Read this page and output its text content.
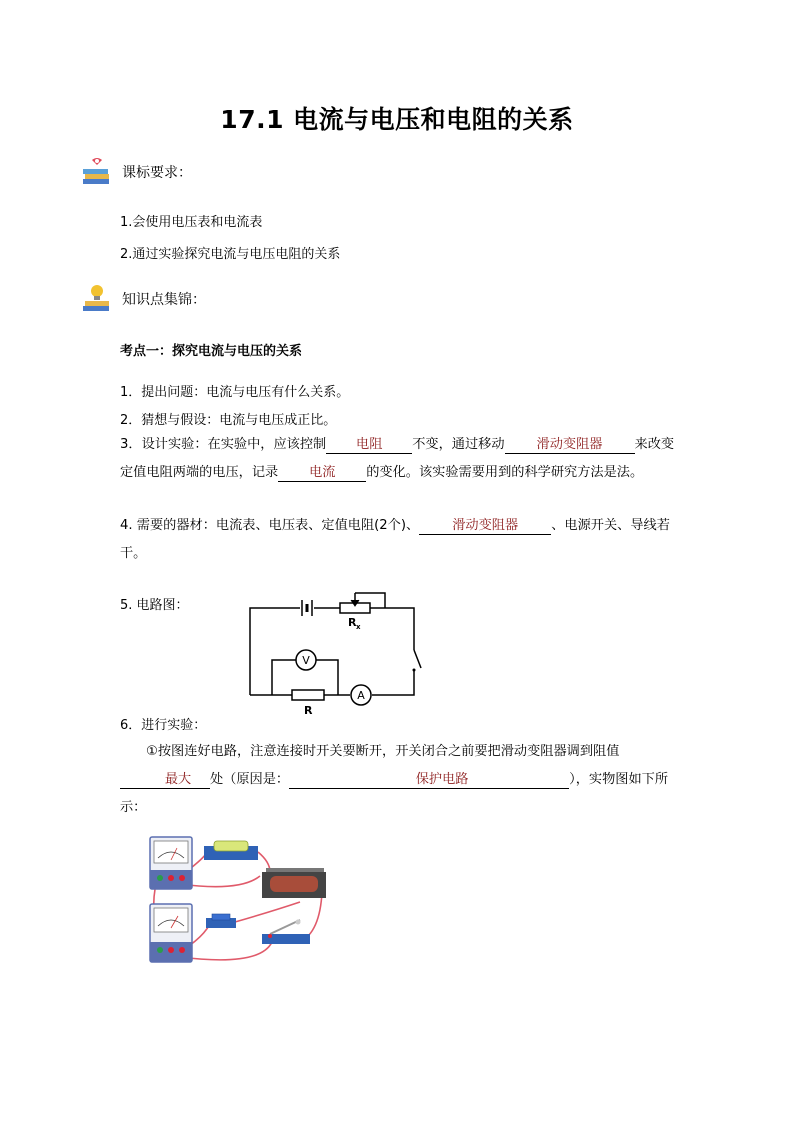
17.1 电流与电压和电阻的关系
课标要求：
1.会使用电压表和电流表
2.通过实验探究电流与电压电阻的关系
知识点集锦：
考点一：探究电流与电压的关系
1．提出问题：电流与电压有什么关系。
2．猜想与假设：电流与电压成正比。
3．设计实验：在实验中，应该控制 电阻 不变，通过移动 滑动变阻器 来改变定值电阻两端的电压，记录 电流 的变化。该实验需要用到的科学研究方法是法。
4. 需要的器材：电流表、电压表、定值电阻(2个)、	滑动变阻器	、电源开关、导线若干。
5. 电路图：
R x
V
R
A
6．进行实验：
①按图连好电路，注意连接时开关要断开，开关闭合之前要把滑动变阻器调到阻值最大 处（原因是：	保护电路	），实物图如下所示：
